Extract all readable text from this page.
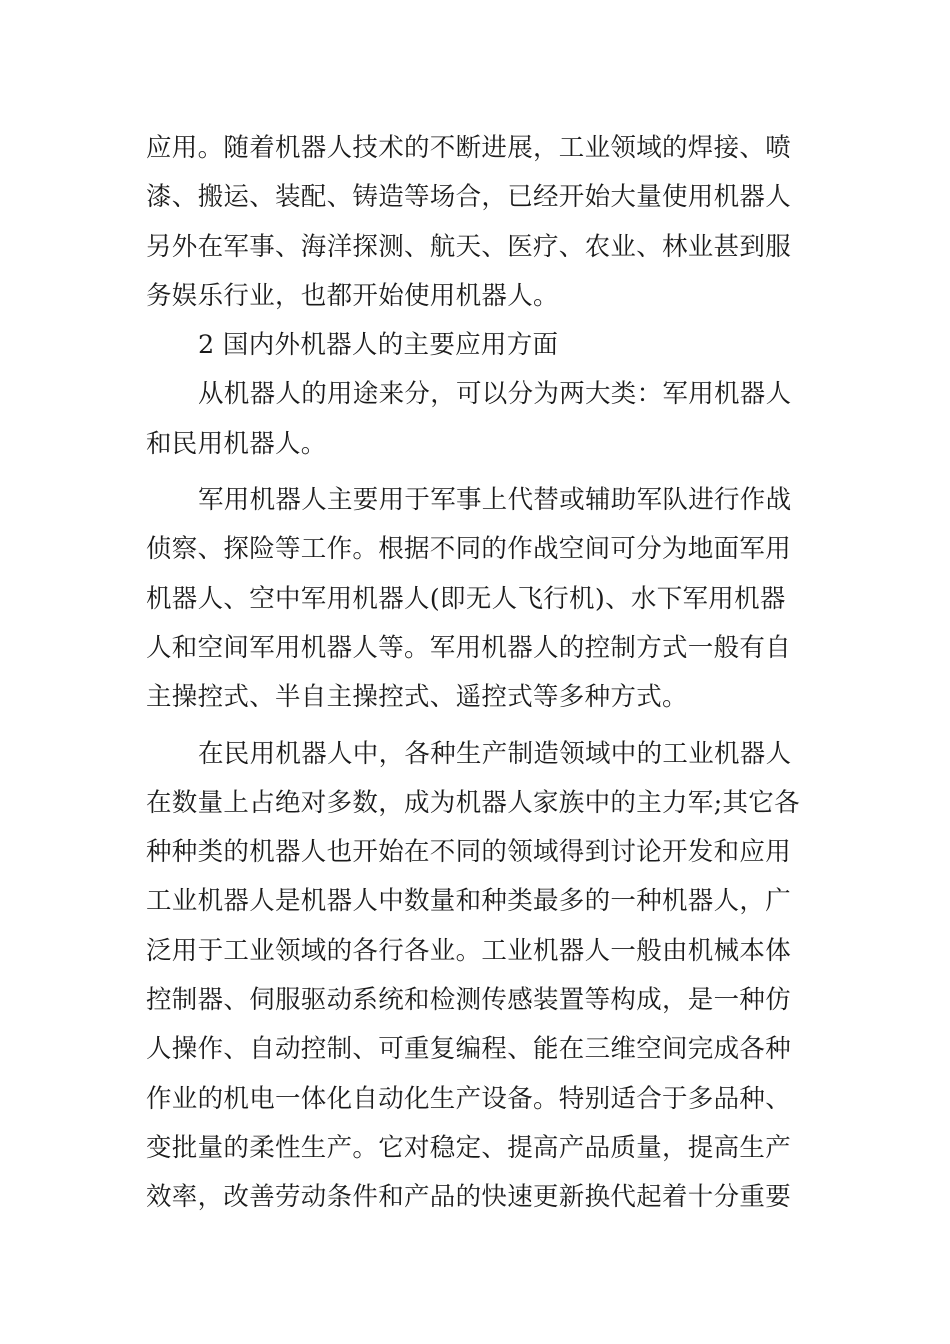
应用。随着机器人技术的不断进展，工业领域的焊接、喷
漆、搬运、装配、铸造等场合，已经开始大量使用机器人
另外在军事、海洋探测、航天、医疗、农业、林业甚到服
务娱乐行业，也都开始使用机器人。
2 国内外机器人的主要应用方面
从机器人的用途来分，可以分为两大类：军用机器人
和民用机器人。
军用机器人主要用于军事上代替或辅助军队进行作战
侦察、探险等工作。根据不同的作战空间可分为地面军用
机器人、空中军用机器人(即无人飞行机)、水下军用机器
人和空间军用机器人等。军用机器人的控制方式一般有自
主操控式、半自主操控式、遥控式等多种方式。
在民用机器人中，各种生产制造领域中的工业机器人
在数量上占绝对多数，成为机器人家族中的主力军;其它各
种种类的机器人也开始在不同的领域得到讨论开发和应用
工业机器人是机器人中数量和种类最多的一种机器人，广
泛用于工业领域的各行各业。工业机器人一般由机械本体
控制器、伺服驱动系统和检测传感装置等构成，是一种仿
人操作、自动控制、可重复编程、能在三维空间完成各种
作业的机电一体化自动化生产设备。特别适合于多品种、
变批量的柔性生产。它对稳定、提高产品质量，提高生产
效率，改善劳动条件和产品的快速更新换代起着十分重要
